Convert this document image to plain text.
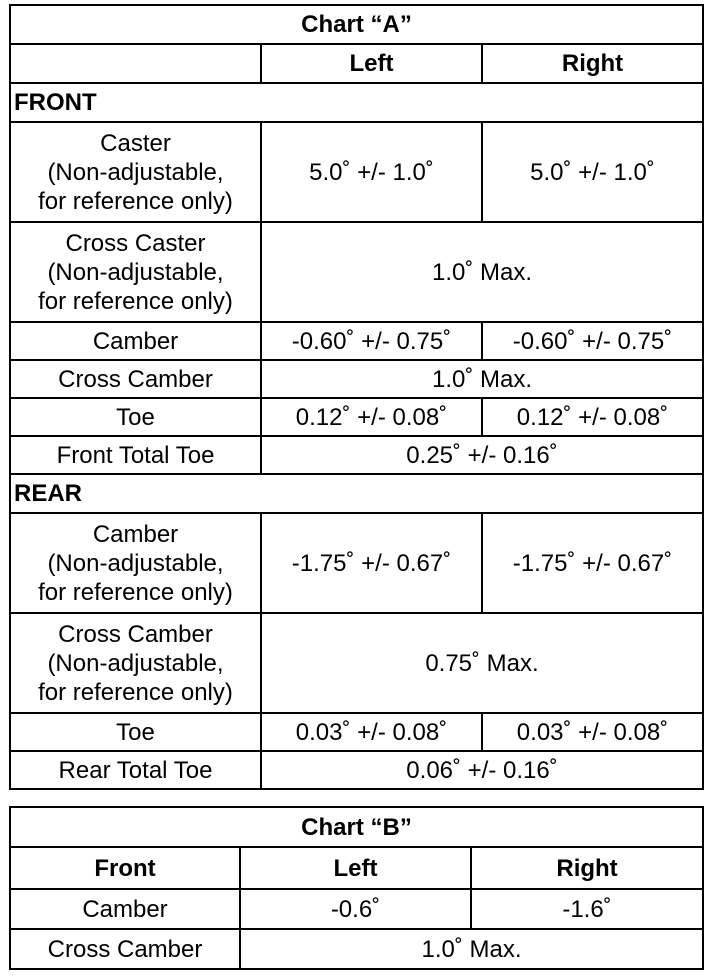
Chart “A”		
	Left	Right
FRONT		
Caster
(Non-adjustable,
for reference only)	5.0˚ +/- 1.0˚	5.0˚ +/- 1.0˚
Cross Caster
(Non-adjustable,
for reference only)	1.0˚ Max.	
Camber	-0.60˚ +/- 0.75˚	-0.60˚ +/- 0.75˚
Cross Camber	1.0˚ Max.	
Toe	0.12˚ +/- 0.08˚	0.12˚ +/- 0.08˚
Front Total Toe	0.25˚ +/- 0.16˚	
REAR		
Camber
(Non-adjustable,
for reference only)	-1.75˚ +/- 0.67˚	-1.75˚ +/- 0.67˚
Cross Camber
(Non-adjustable,
for reference only)	0.75˚ Max.	
Toe	0.03˚ +/- 0.08˚	0.03˚ +/- 0.08˚
Rear Total Toe	0.06˚ +/- 0.16˚	
Chart “B”		
Front	Left	Right
Camber	-0.6˚	-1.6˚
Cross Camber	1.0˚ Max.	
